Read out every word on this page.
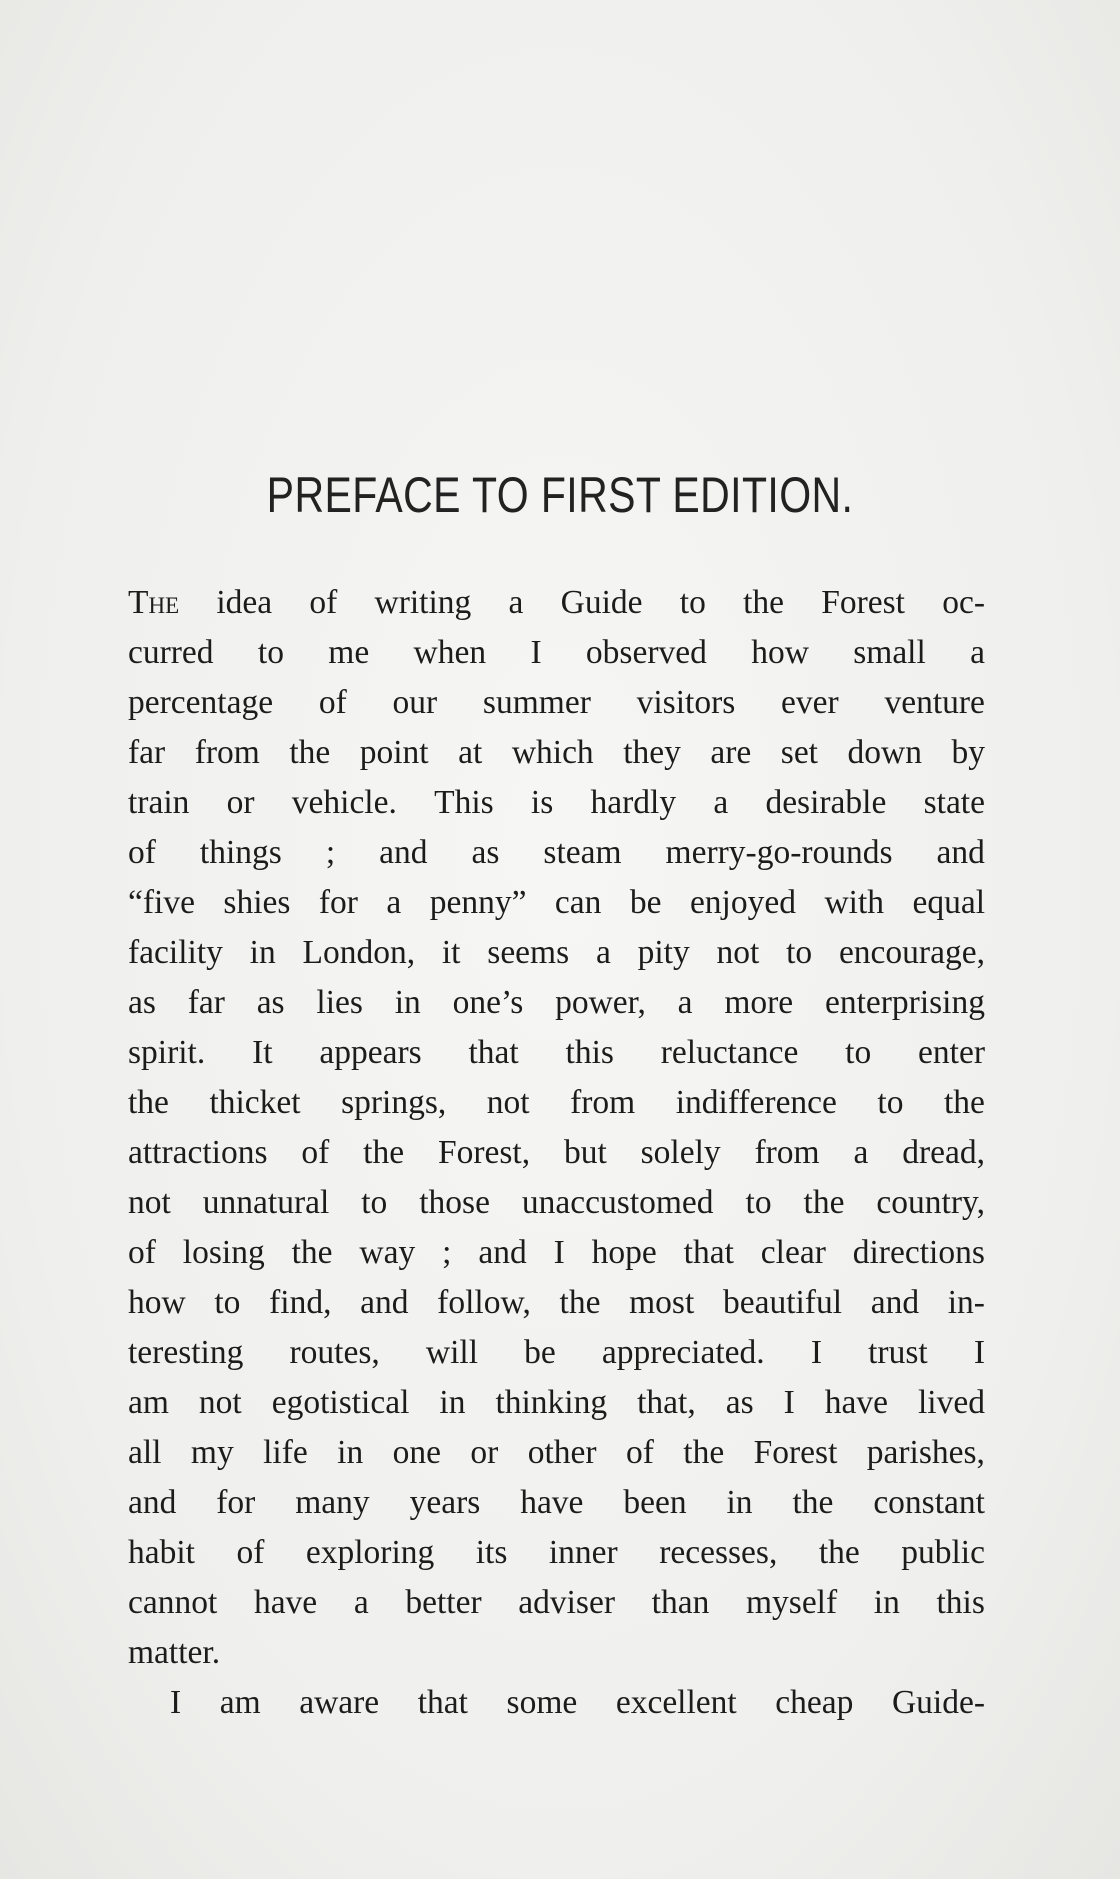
PREFACE TO FIRST EDITION.
The idea of writing a Guide to the Forest oc-
curred to me when I observed how small a
percentage of our summer visitors ever venture
far from the point at which they are set down by
train or vehicle. This is hardly a desirable state
of things ; and as steam merry-go-rounds and
“five shies for a penny” can be enjoyed with equal
facility in London, it seems a pity not to encourage,
as far as lies in one’s power, a more enterprising
spirit. It appears that this reluctance to enter
the thicket springs, not from indifference to the
attractions of the Forest, but solely from a dread,
not unnatural to those unaccustomed to the country,
of losing the way ; and I hope that clear directions
how to find, and follow, the most beautiful and in-
teresting routes, will be appreciated. I trust I
am not egotistical in thinking that, as I have lived
all my life in one or other of the Forest parishes,
and for many years have been in the constant
habit of exploring its inner recesses, the public
cannot have a better adviser than myself in this
matter.
I am aware that some excellent cheap Guide-
